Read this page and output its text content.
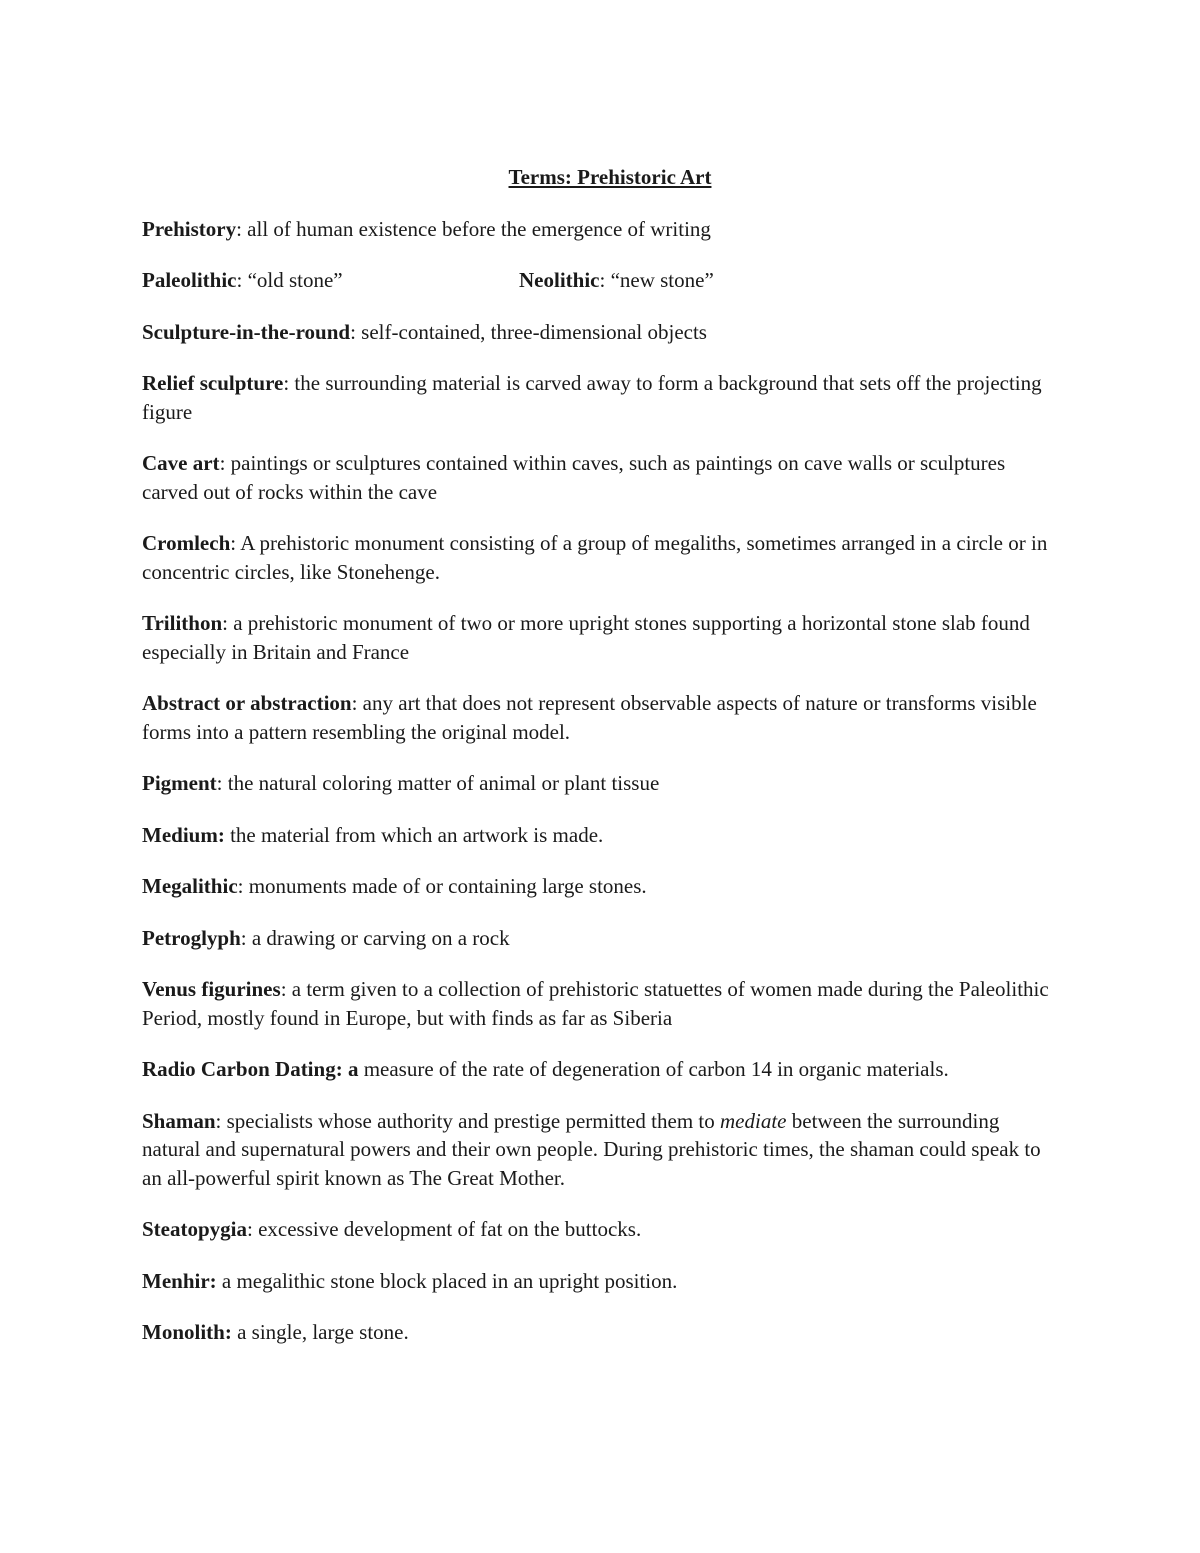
Terms: Prehistoric Art
Prehistory: all of human existence before the emergence of writing
Paleolithic: “old stone”	Neolithic: “new stone”
Sculpture-in-the-round: self-contained, three-dimensional objects
Relief sculpture: the surrounding material is carved away to form a background that sets off the projecting figure
Cave art: paintings or sculptures contained within caves, such as paintings on cave walls or sculptures carved out of rocks within the cave
Cromlech: A prehistoric monument consisting of a group of megaliths, sometimes arranged in a circle or in concentric circles, like Stonehenge.
Trilithon: a prehistoric monument of two or more upright stones supporting a horizontal stone slab found especially in Britain and France
Abstract or abstraction: any art that does not represent observable aspects of nature or transforms visible forms into a pattern resembling the original model.
Pigment: the natural coloring matter of animal or plant tissue
Medium: the material from which an artwork is made.
Megalithic: monuments made of or containing large stones.
Petroglyph: a drawing or carving on a rock
Venus figurines: a term given to a collection of prehistoric statuettes of women made during the Paleolithic Period, mostly found in Europe, but with finds as far as Siberia
Radio Carbon Dating: a measure of the rate of degeneration of carbon 14 in organic materials.
Shaman: specialists whose authority and prestige permitted them to mediate between the surrounding natural and supernatural powers and their own people. During prehistoric times, the shaman could speak to an all-powerful spirit known as The Great Mother.
Steatopygia: excessive development of fat on the buttocks.
Menhir: a megalithic stone block placed in an upright position.
Monolith: a single, large stone.
